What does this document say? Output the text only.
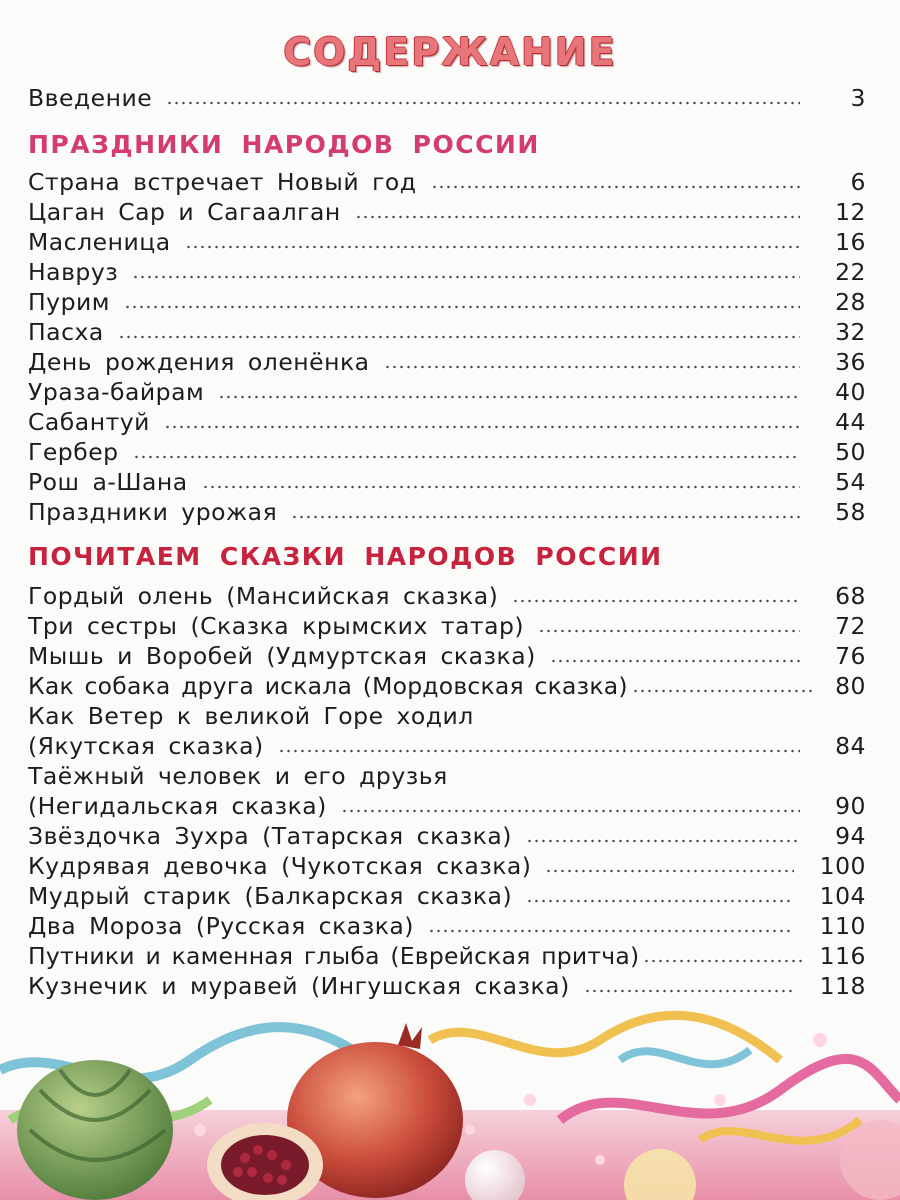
СОДЕРЖАНИЕ
Введение	3
ПРАЗДНИКИ НАРОДОВ РОССИИ
Страна встречает Новый год	6
Цаган Сар и Сагаалган	12
Масленица	16
Навруз	22
Пурим	28
Пасха	32
День рождения оленёнка	36
Ураза-байрам	40
Сабантуй	44
Гербер	50
Рош а-Шана	54
Праздники урожая	58
ПОЧИТАЕМ СКАЗКИ НАРОДОВ РОССИИ
Гордый олень (Мансийская сказка)	68
Три сестры (Сказка крымских татар)	72
Мышь и Воробей (Удмуртская сказка)	76
Как собака друга искала (Мордовская сказка)	80
Как Ветер к великой Горе ходил
(Якутская сказка)	84
Таёжный человек и его друзья
(Негидальская сказка)	90
Звёздочка Зухра (Татарская сказка)	94
Кудрявая девочка (Чукотская сказка)	100
Мудрый старик (Балкарская сказка)	104
Два Мороза (Русская сказка)	110
Путники и каменная глыба (Еврейская притча)	116
Кузнечик и муравей (Ингушская сказка)	118
